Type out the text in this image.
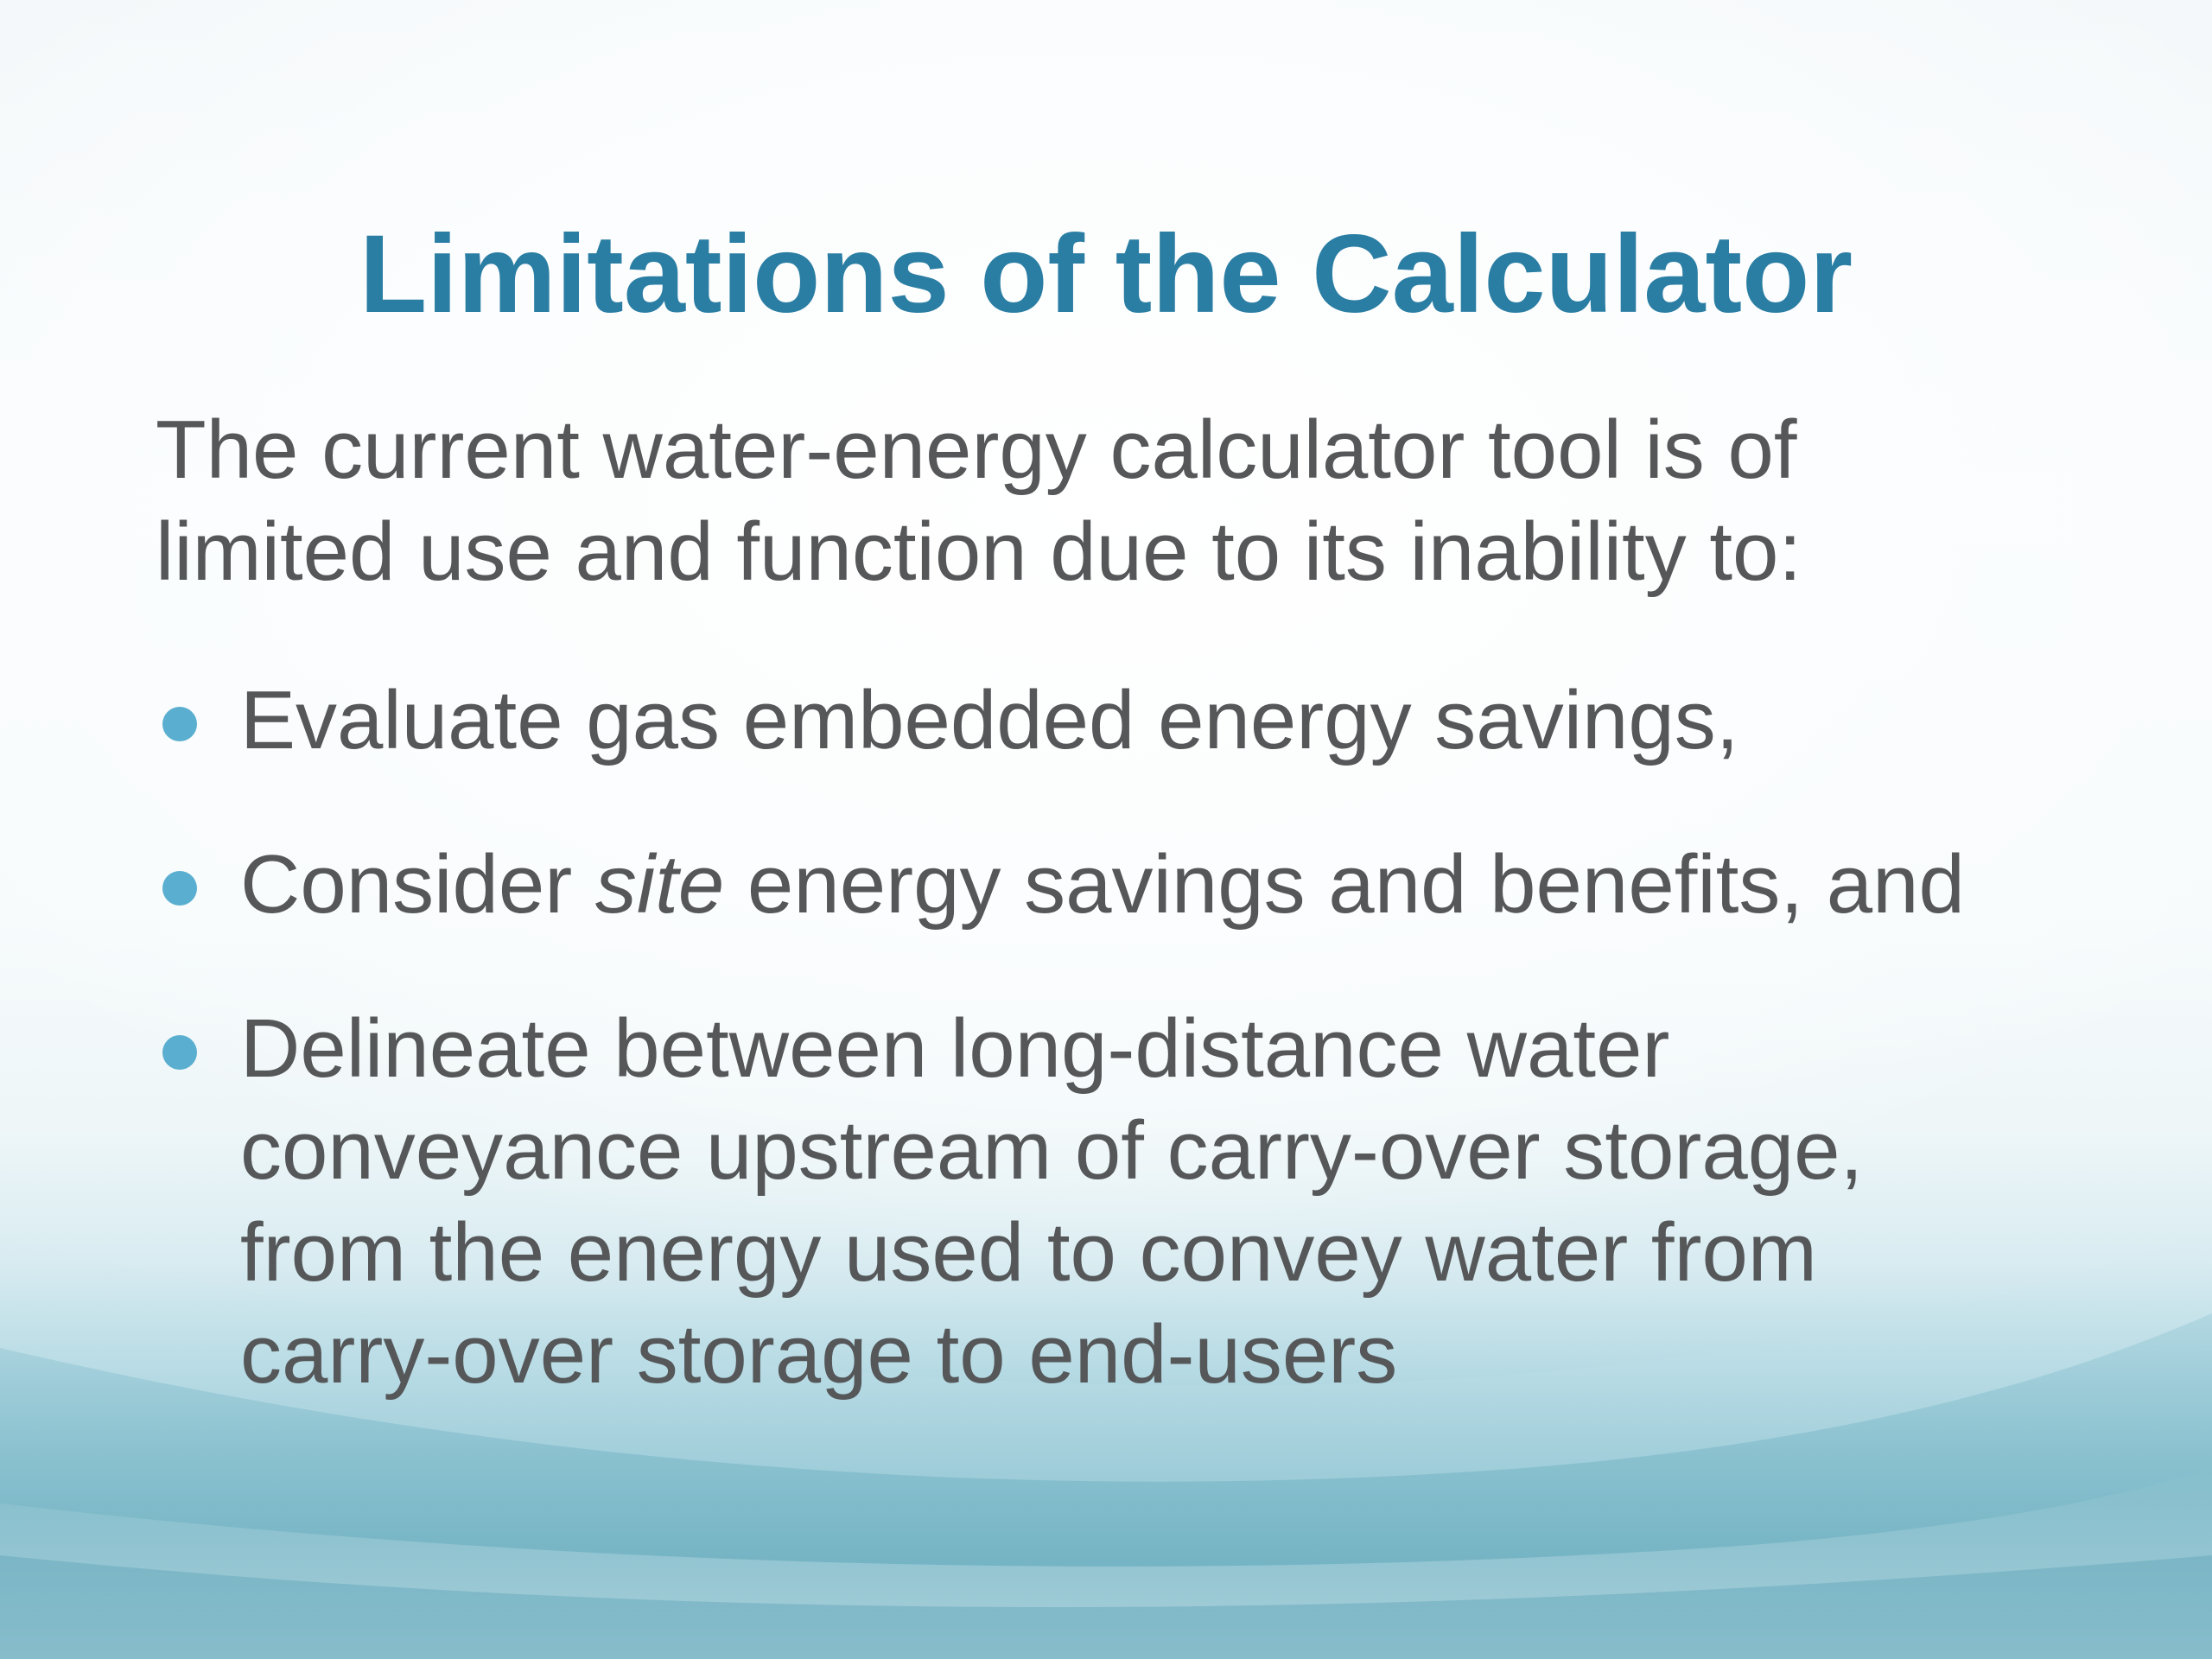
Limitations of the Calculator

The current water-energy calculator tool is of
limited use and function due to its inability to:

Evaluate gas embedded energy savings,
Consider site energy savings and benefits, and
Delineate between long-distance water
conveyance upstream of carry-over storage,
from the energy used to convey water from
carry-over storage to end-users
